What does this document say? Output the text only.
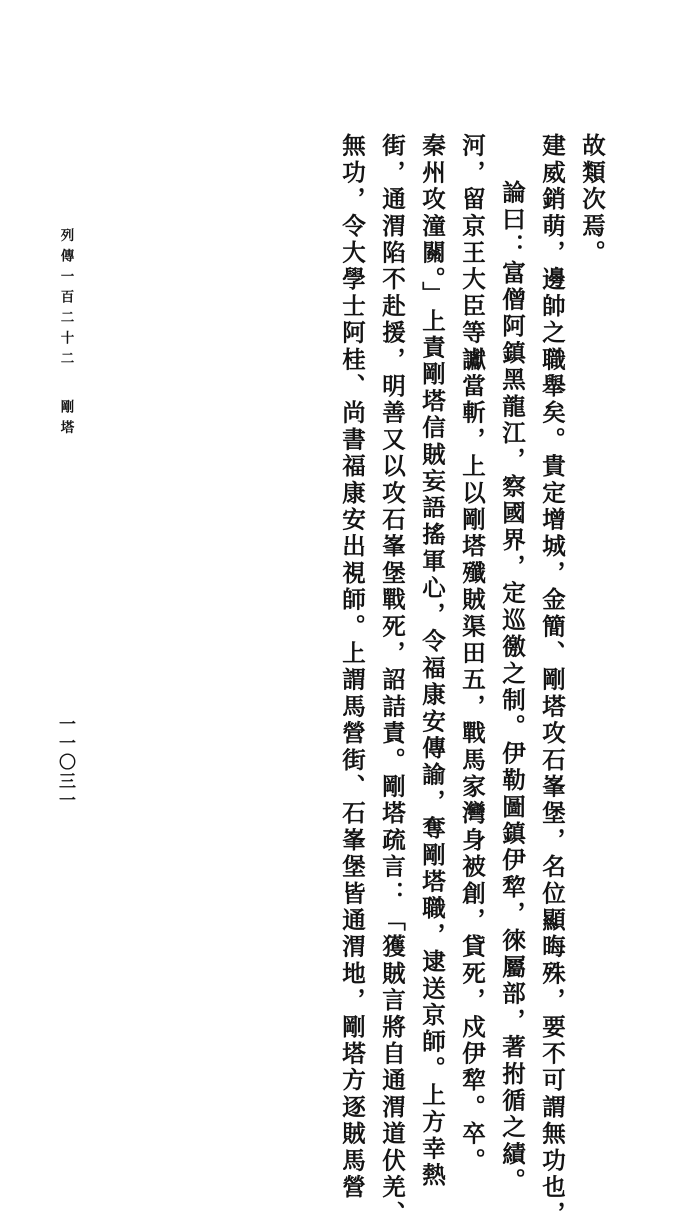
無功，令大學士阿桂、尚書福康安出視師。上謂馬營街、石峯堡皆通渭地，剛塔方逐賊馬營
街，通渭陷不赴援，明善又以攻石峯堡戰死，詔詰責。剛塔疏言：「獲賊言將自通渭道伏羌、
秦州攻潼關。」上責剛塔信賊妄語搖軍心，令福康安傳諭，奪剛塔職，逮送京師。上方幸熱
河，留京王大臣等讞當斬，上以剛塔殲賊渠田五，戰馬家灣身被創，貸死，戍伊犂。卒。
論曰：富僧阿鎮黑龍江，察國界，定巡徼之制。伊勒圖鎮伊犂，徠屬部，著拊循之績。
建威銷萌，邊帥之職舉矣。貴定增城，金簡、剛塔攻石峯堡，名位顯晦殊，要不可謂無功也，
故類次焉。
列傳一百二十二剛塔
一一〇三一
